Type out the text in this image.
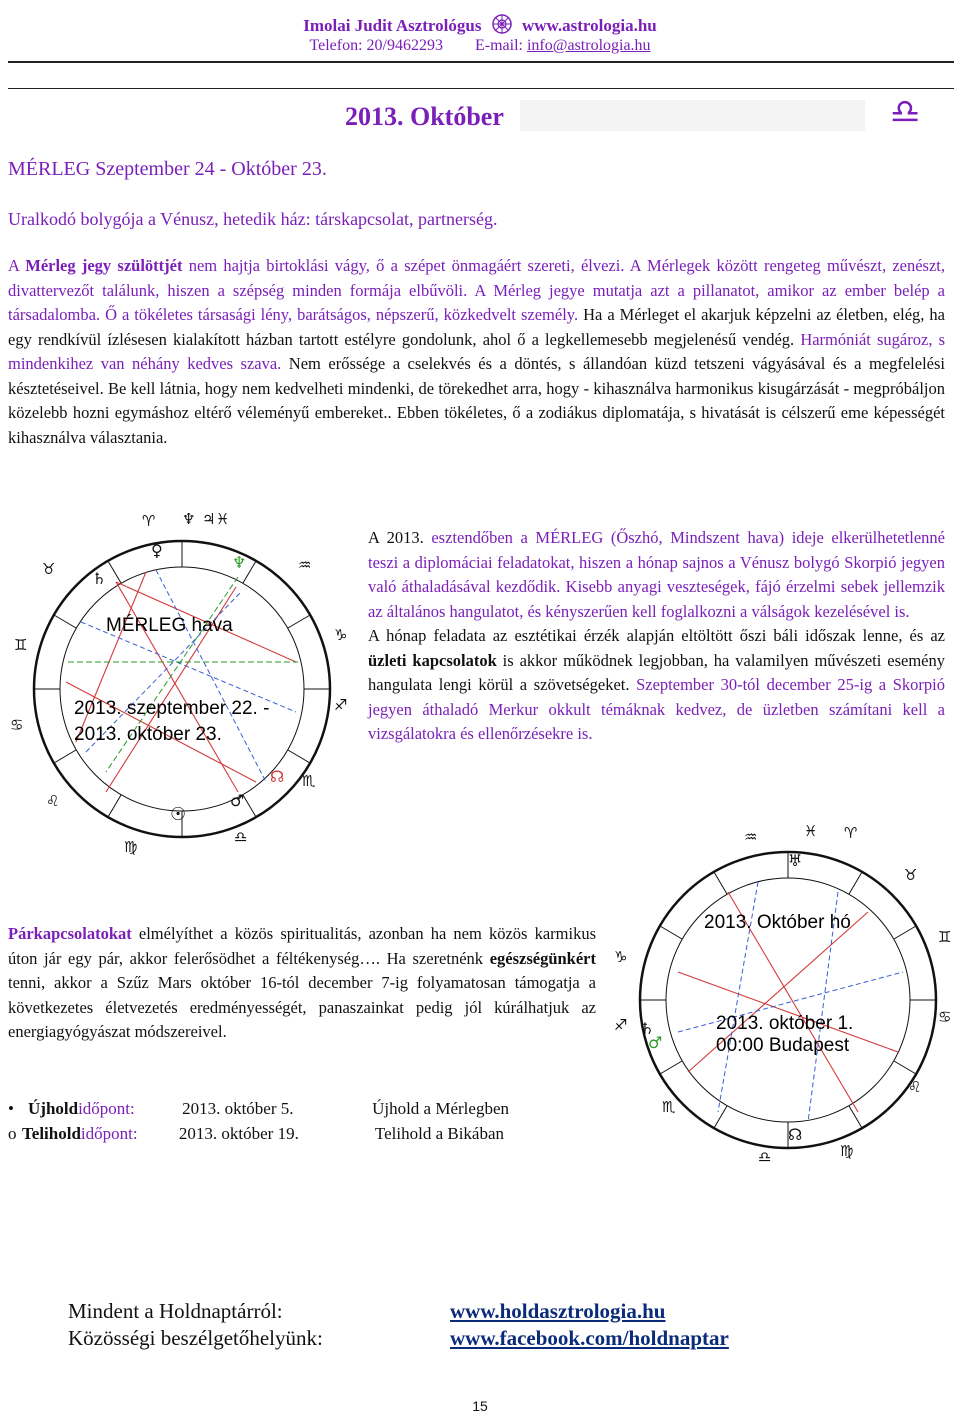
Imolai Judit Asztrológus www.astrologia.hu
Telefon: 20/9462293 E-mail: info@astrologia.hu
2013. Október	♎
MÉRLEG Szeptember 24 - Október 23.
Uralkodó bolygója a Vénusz, hetedik ház: társkapcsolat, partnerség.
A Mérleg jegy szülöttjét nem hajtja birtoklási vágy, ő a szépet önmagáért szereti, élvezi. A Mérlegek között rengeteg művészt, zenészt, divattervezőt találunk, hiszen a szépség minden formája elbűvöli. A Mérleg jegye mutatja azt a pillanatot, amikor az ember belép a társadalomba. Ő a tökéletes társasági lény, barátságos, népszerű, közkedvelt személy. Ha a Mérleget el akarjuk képzelni az életben, elég, ha egy rendkívül ízlésesen kialakított házban tartott estélyre gondolunk, ahol ő a legkellemesebb megjelenésű vendég. Harmóniát sugároz, s mindenkihez van néhány kedves szava. Nem erőssége a cselekvés és a döntés, s állandóan küzd tetszeni vágyásával és a megfelelési késztetéseivel. Be kell látnia, hogy nem kedvelheti mindenki, de törekedhet arra, hogy - kihasználva harmonikus kisugárzását - megpróbáljon közelebb hozni egymáshoz eltérő véleményű embereket.. Ebben tökéletes, ő a zodiákus diplomatája, s hivatását is célszerű eme képességét kihasználva választania.
♈ ♆ ♃ ♓
♉
♊
♋
♌
♍
♎
♏
♐
♑
♒
♄
♀
♆
☊
♂
☉
MÉRLEG hava
2013. szeptember 22. -
2013. október 23.
A 2013. esztendőben a MÉRLEG (Őszhó, Mindszent hava) ideje elkerülhetetlenné teszi a diplomáciai feladatokat, hiszen a hónap sajnos a Vénusz bolygó Skorpió jegyen való áthaladásával kezdődik. Kisebb anyagi veszteségek, fájó érzelmi sebek jellemzik az általános hangulatot, és kényszerűen kell foglalkozni a válságok kezelésével is.
A hónap feladata az esztétikai érzék alapján eltöltött őszi báli időszak lenne, és az üzleti kapcsolatok is akkor működnek legjobban, ha valamilyen művészeti esemény hangulata lengi körül a szövetségeket. Szeptember 30-tól december 25-ig a Skorpió jegyen áthaladó Merkur okkult témáknak kedvez, de üzletben számítani kell a vizsgálatokra és ellenőrzésekre is.
♒	♓ ♈
♉
♊
♋
♌
♍
♎
♏
♐
♑
♅
♄
♂
☊
2013. Október hó
2013. október 1.
00:00 Budapest
Párkapcsolatokat elmélyíthet a közös spiritualitás, azonban ha nem közös karmikus úton jár egy pár, akkor felerősödhet a féltékenység…. Ha szeretnénk egészségünkért tenni, akkor a Szűz Mars október 16-tól december 7-ig folyamatosan támogatja a következetes életvezetés eredményességét, panaszainkat pedig jól kúrálhatjuk az energiagyógyászat módszereivel.
• Újholdidőpont:	2013. október 5.	Újhold a Mérlegben
o Teliholdidőpont: 2013. október 19.	Telihold a Bikában
Mindent a Holdnaptárról:
Közösségi beszélgetőhelyünk:
www.holdasztrologia.hu
www.facebook.com/holdnaptar
15
